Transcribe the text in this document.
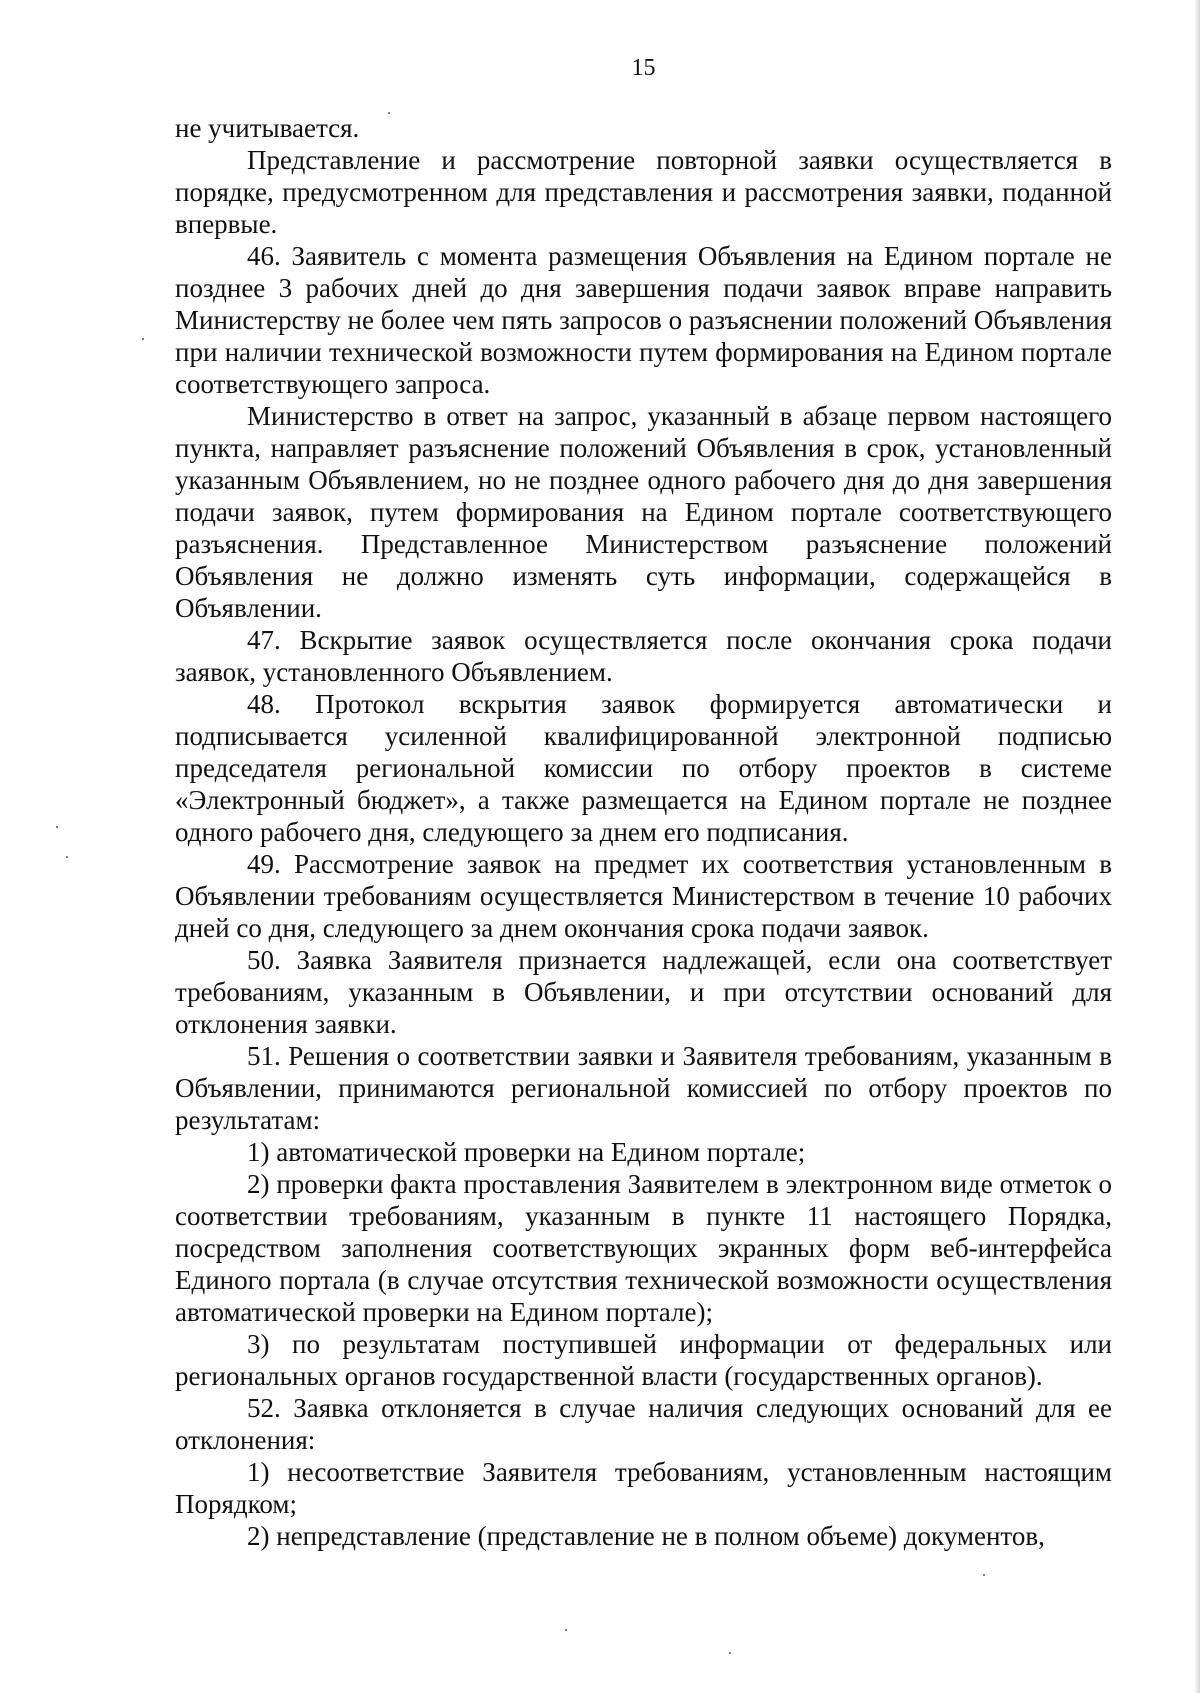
15

не учитывается.

Представление и рассмотрение повторной заявки осуществляется в порядке, предусмотренном для представления и рассмотрения заявки, поданной впервые.

46. Заявитель с момента размещения Объявления на Едином портале не позднее 3 рабочих дней до дня завершения подачи заявок вправе направить Министерству не более чем пять запросов о разъяснении положений Объявления при наличии технической возможности путем формирования на Едином портале соответствующего запроса.

Министерство в ответ на запрос, указанный в абзаце первом настоящего пункта, направляет разъяснение положений Объявления в срок, установленный указанным Объявлением, но не позднее одного рабочего дня до дня завершения подачи заявок, путем формирования на Едином портале соответствующего разъяснения. Представленное Министерством разъяснение положений Объявления не должно изменять суть информации, содержащейся в Объявлении.

47. Вскрытие заявок осуществляется после окончания срока подачи заявок, установленного Объявлением.

48. Протокол вскрытия заявок формируется автоматически и подписывается усиленной квалифицированной электронной подписью председателя региональной комиссии по отбору проектов в системе «Электронный бюджет», а также размещается на Едином портале не позднее одного рабочего дня, следующего за днем его подписания.

49. Рассмотрение заявок на предмет их соответствия установленным в Объявлении требованиям осуществляется Министерством в течение 10 рабочих дней со дня, следующего за днем окончания срока подачи заявок.

50. Заявка Заявителя признается надлежащей, если она соответствует требованиям, указанным в Объявлении, и при отсутствии оснований для отклонения заявки.

51. Решения о соответствии заявки и Заявителя требованиям, указанным в Объявлении, принимаются региональной комиссией по отбору проектов по результатам:

1) автоматической проверки на Едином портале;

2) проверки факта проставления Заявителем в электронном виде отметок о соответствии требованиям, указанным в пункте 11 настоящего Порядка, посредством заполнения соответствующих экранных форм веб-интерфейса Единого портала (в случае отсутствия технической возможности осуществления автоматической проверки на Едином портале);

3) по результатам поступившей информации от федеральных или региональных органов государственной власти (государственных органов).

52. Заявка отклоняется в случае наличия следующих оснований для ее отклонения:

1) несоответствие Заявителя требованиям, установленным настоящим Порядком;

2) непредставление (представление не в полном объеме) документов,
